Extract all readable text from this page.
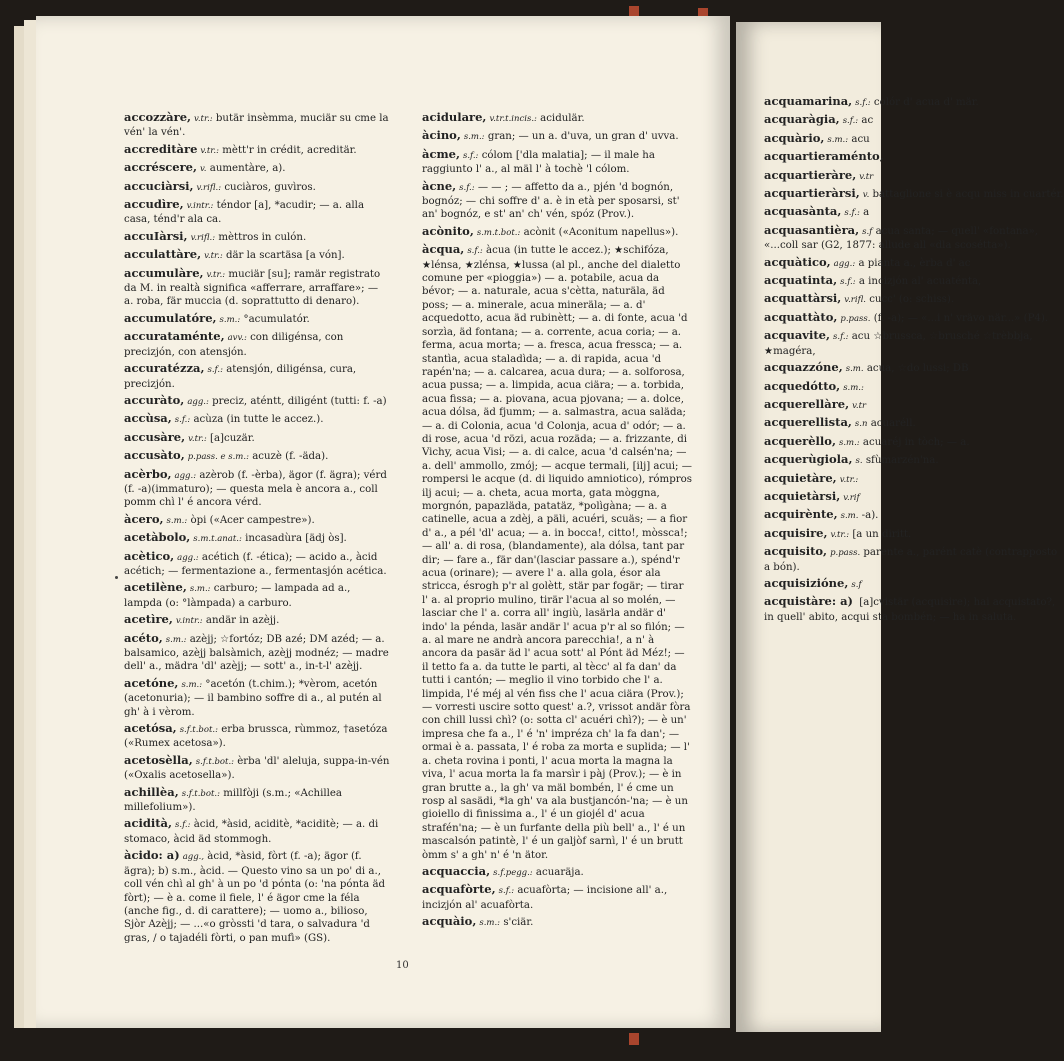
accozzàre, v.tr.: butär insèmma, muciär su cme la vén' la vén'.
accreditàre v.tr.: mètt'r in crédit, acreditär.
accréscere, v. aumentàre, a).
accuciàrsi, v.rifl.: cuciàros, guvìros.
accudìre, v.intr.: téndor [a], *acudir; — a. alla casa, ténd'r ala ca.
accuIàrsi, v.rifl.: mèttros in culón.
acculattàre, v.tr.: där la scartäsa [a vón].
accumulàre, v.tr.: muciär [su]; ramär registrato da M. in realtà significa «afferrare, arraffare»; — a. roba, fär muccia (d. soprattutto di denaro).
accumulatóre, s.m.: °acumulatór.
accurataménte, avv.: con diligénsa, con precizjón, con atensjón.
accuratézza, s.f.: atensjón, diligénsa, cura, precizjón.
accuràto, agg.: preciz, aténtt, diligént (tutti: f. -a)
accùsa, s.f.: acùza (in tutte le accez.).
accusàre, v.tr.: [a]cuzär.
accusàto, p.pass. e s.m.: acuzè (f. -äda).
acèrbo, agg.: azèrob (f. -èrba), ägor (f. ägra); vérd (f. -a)(immaturo); — questa mela è ancora a., coll pomm chì l' é ancora vérd.
àcero, s.m.: òpi («Acer campestre»).
acetàbolo, s.m.t.anat.: incasadùra [ädj òs].
acètico, agg.: acétich (f. -ética); — acido a., àcid acétich; — fermentazione a., fermentasjón acética.
acetilène, s.m.: carburo; — lampada ad a., lampda (o: °làmpada) a carburo.
acetìre, v.intr.: andär in azèjj.
acéto, s.m.: azèjj; ☆fortóz; DB azé; DM azéd; — a. balsamico, azèjj balsàmich, azèjj modnéz; — madre dell' a., mädra 'dl' azèjj; — sott' a., in-t-l' azèjj.
acetóne, s.m.: °acetón (t.chim.); *vèrom, acetón (acetonuria); — il bambino soffre di a., al putén al gh' à i vèrom.
acetósa, s.f.t.bot.: erba brussca, rùmmoz, †asetóza («Rumex acetosa»).
acetosèlla, s.f.t.bot.: èrba 'dl' aleluja, suppa-in-vén («Oxalis acetosella»).
achillèa, s.f.t.bot.: millfòji (s.m.; «Achillea millefolium»).
acidità, s.f.: àcid, *àsid, aciditè, *aciditè; — a. di stomaco, àcid äd stommogh.
àcido: a) agg., àcid, *àsid, fòrt (f. -a); ägor (f. ägra); b) s.m., àcid. — Questo vino sa un po' di a., coll vén chì al gh' à un po 'd pónta (o: 'na pónta äd fòrt); — è a. come il fiele, l' é ägor cme la féla (anche fig., d. di carattere); — uomo a., bilioso, Sjòr Azèjj; — ...«o gròssti 'd tara, o salvadura 'd gras, / o tajadéli fòrti, o pan mufì» (GS).
acidulare, v.tr.t.incis.: acidulär.
àcino, s.m.: gran; — un a. d'uva, un gran d' uvva.
àcme, s.f.: cólom ['dla malatia]; — il male ha raggiunto l' a., al mäl l' à tochè 'l cólom.
àcne, s.f.: — — ; — affetto da a., pjén 'd bognón, bognóz; — chi soffre d' a. è in età per sposarsi, st' an' bognóz, e st' an' ch' vén, spóz (Prov.).
acònito, s.m.t.bot.: acònit («Aconitum napellus»).
àcqua, s.f.: àcua (in tutte le accez.); ★schifóza, ★lénsa, ★zlénsa, ★lussa (al pl., anche del dialetto comune per «pioggia») — a. potabile, acua da bévor; — a. naturale, acua s'cètta, naturäla, äd poss; — a. minerale, acua mineräla; — a. d' acquedotto, acua äd rubinètt; — a. di fonte, acua 'd sorzìa, äd fontana; — a. corrente, acua coria; — a. ferma, acua morta; — a. fresca, acua fressca; — a. stantìa, acua staladìda; — a. di rapida, acua 'd rapén'na; — a. calcarea, acua dura; — a. solforosa, acua pussa; — a. limpida, acua ciära; — a. torbida, acua fissa; — a. piovana, acua pjovana; — a. dolce, acua dólsa, äd fjumm; — a. salmastra, acua saläda;— a. di Colonia, acua 'd Colonja, acua d' odór; — a. di rose, acua 'd rözi, acua rozäda; — a. frizzante, di Vichy, acua Visi; — a. di calce, acua 'd calsén'na; — a. dell' ammollo, zmój; — acque termali, [ilj] acui; — rompersi le acque (d. di liquido amniotico), rómpros ilj acui; — a. cheta, acua morta, gata mòggna, morgnón, papazläda, patatäz, *polìgàna; — a. a catinelle, acua a zdèj, a päli, acuéri, scuäs; — a fior d' a., a pél 'dl' acua; — a. in bocca!, citto!, mòssca!; — all' a. di rosa, (blandamente), ala dólsa, tant par dir; — fare a., fär dan'(lasciar passare a.), spénd'r acua (orinare); — avere l' a. alla gola, ésor ala stricca, ésrogh p'r al golètt, stär par fogär; — tirar l' a. al proprio mulino, tirär l'acua al so molén, — lasciar che l' a. corra all' ingiù, lasärla andär d' indo' la pénda, lasär andär l' acua p'r al so filón; — a. al mare ne andrà ancora parecchia!, a n' à ancora da pasär äd l' acua sott' al Pónt äd Méz!; — il tetto fa a. da tutte le parti, al tècc' al fa dan' da tutti i cantón; — meglio il vino torbido che l' a. limpida, l'é méj al vén fiss che l' acua ciära (Prov.); — vorresti uscire sotto quest' a.?, vrissot andär fòra con chill lussi chì? (o: sotta cl' acuéri chì?); — è un' impresa che fa a., l' é 'n' impréza ch' la fa dan'; — ormai è a. passata, l' é roba za morta e suplida; — l' a. cheta rovina i ponti, l' acua morta la magna la viva, l' acua morta la fa marsìr i pàj (Prov.); — è in gran brutte a., la gh' va mäl bombén, l' é cme un rosp al sasädi, *la gh' va ala bustjancón-'na; — è un gioiello di finissima a., l' é un giojél d' acua strafén'na; — è un furfante della più bell' a., l' é un mascalsón patintè, l' é un galjòf sarnì, l' é un brutt òmm s' a gh' n' é 'n ätor.
acquaccia, s.f.pegg.: acuaräja.
acquafòrte, s.f.: acuafòrta; — incisione all' a., incizjón al' acuafòrta.
acquàio, s.m.: s'ciär.
10
acquamarina, s.f.: colór d' acua d' mär.
acquaràgia, s.f.: ac
acquàrio, s.m.: acu
acquartieraménto,
acquartieràre, v.tr
acquartieràrsi, v. battaglione si è acqu miss in cuartér.
acquasànta, s.f.: a
acquasantièra, s.f acua santa; — quell' «fontana», «...coll sar (G2, 1877: allude all «dla scosétta»).
acquàtico, agg.: a pianta a., èrba d' ac
acquatinta, s.f.: a incizjón al' acuaténta,
acquattàrsi, v.rifl. cucc' (o: schiss).
acquattàto, p.pass. (f. -a); — «...i n' vrävo när...» (P4).
acquavite, s.f.: acu ☆brussca, ☆brusché ☆trèbbja, ★magéra,
acquazzóne, s.m. acua, ☆do lussi; DB
acquedótto, s.m.:
acquerellàre, v.tr
acquerellista, s.n acuaréll.
acquerèllo, s.m.: acuaréj in tòch; — a.
acquerùgiola, s. sfùmarzén'na.
acquietàre, v.tr.:
acquietàrsi, v.rif
acquirènte, s.m. -a).
acquisire, v.tr.: [a un diritt.
acquisito, p.pass. parente a., parént catè (contrapposto a bón).
acquisizióne, s.f
acquistàre: a) [a]cvistär (acquisire); hai acquistato?, in quell' abito, acqui sta bombén; — ha in saluta.
